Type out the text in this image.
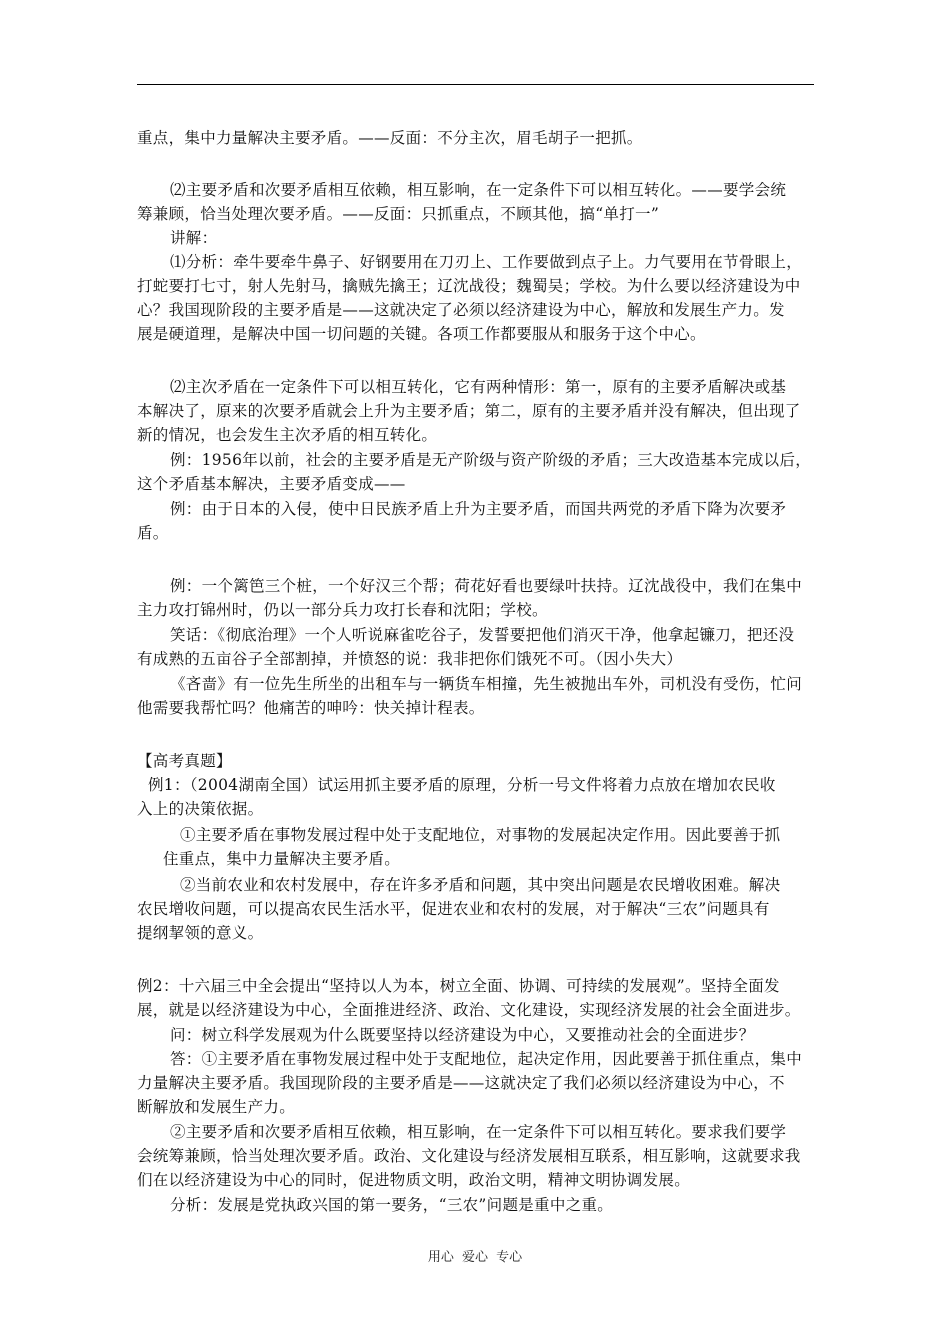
重点，集中力量解决主要矛盾。——反面：不分主次，眉毛胡子一把抓。
⑵主要矛盾和次要矛盾相互依赖，相互影响，在一定条件下可以相互转化。——要学会统
筹兼顾，恰当处理次要矛盾。——反面：只抓重点，不顾其他，搞“单打一”
讲解：
⑴分析：牵牛要牵牛鼻子、好钢要用在刀刃上、工作要做到点子上。力气要用在节骨眼上，
打蛇要打七寸，射人先射马，擒贼先擒王；辽沈战役；魏蜀吴；学校。为什么要以经济建设为中
心？我国现阶段的主要矛盾是——这就决定了必须以经济建设为中心，解放和发展生产力。发
展是硬道理，是解决中国一切问题的关键。各项工作都要服从和服务于这个中心。
⑵主次矛盾在一定条件下可以相互转化，它有两种情形：第一，原有的主要矛盾解决或基
本解决了，原来的次要矛盾就会上升为主要矛盾；第二，原有的主要矛盾并没有解决，但出现了
新的情况，也会发生主次矛盾的相互转化。
例：1956年以前，社会的主要矛盾是无产阶级与资产阶级的矛盾；三大改造基本完成以后，
这个矛盾基本解决，主要矛盾变成——
例：由于日本的入侵，使中日民族矛盾上升为主要矛盾，而国共两党的矛盾下降为次要矛
盾。
例：一个篱笆三个桩，一个好汉三个帮；荷花好看也要绿叶扶持。辽沈战役中，我们在集中
主力攻打锦州时，仍以一部分兵力攻打长春和沈阳；学校。
笑话：《彻底治理》一个人听说麻雀吃谷子，发誓要把他们消灭干净，他拿起镰刀，把还没
有成熟的五亩谷子全部割掉，并愤怒的说：我非把你们饿死不可。（因小失大）
《吝啬》有一位先生所坐的出租车与一辆货车相撞，先生被抛出车外，司机没有受伤，忙问
他需要我帮忙吗？他痛苦的呻吟：快关掉计程表。
【高考真题】
例1：（2004湖南全国）试运用抓主要矛盾的原理，分析一号文件将着力点放在增加农民收
入上的决策依据。
①主要矛盾在事物发展过程中处于支配地位，对事物的发展起决定作用。因此要善于抓
住重点，集中力量解决主要矛盾。
②当前农业和农村发展中，存在许多矛盾和问题，其中突出问题是农民增收困难。解决
农民增收问题，可以提高农民生活水平，促进农业和农村的发展，对于解决“三农”问题具有
提纲挈领的意义。
例2：十六届三中全会提出“坚持以人为本，树立全面、协调、可持续的发展观”。坚持全面发
展，就是以经济建设为中心，全面推进经济、政治、文化建设，实现经济发展的社会全面进步。
问：树立科学发展观为什么既要坚持以经济建设为中心，又要推动社会的全面进步？
答：①主要矛盾在事物发展过程中处于支配地位，起决定作用，因此要善于抓住重点，集中
力量解决主要矛盾。我国现阶段的主要矛盾是——这就决定了我们必须以经济建设为中心，不
断解放和发展生产力。
②主要矛盾和次要矛盾相互依赖，相互影响，在一定条件下可以相互转化。要求我们要学
会统筹兼顾，恰当处理次要矛盾。政治、文化建设与经济发展相互联系，相互影响，这就要求我
们在以经济建设为中心的同时，促进物质文明，政治文明，精神文明协调发展。
分析：发展是党执政兴国的第一要务，“三农”问题是重中之重。
用心 爱心 专心
